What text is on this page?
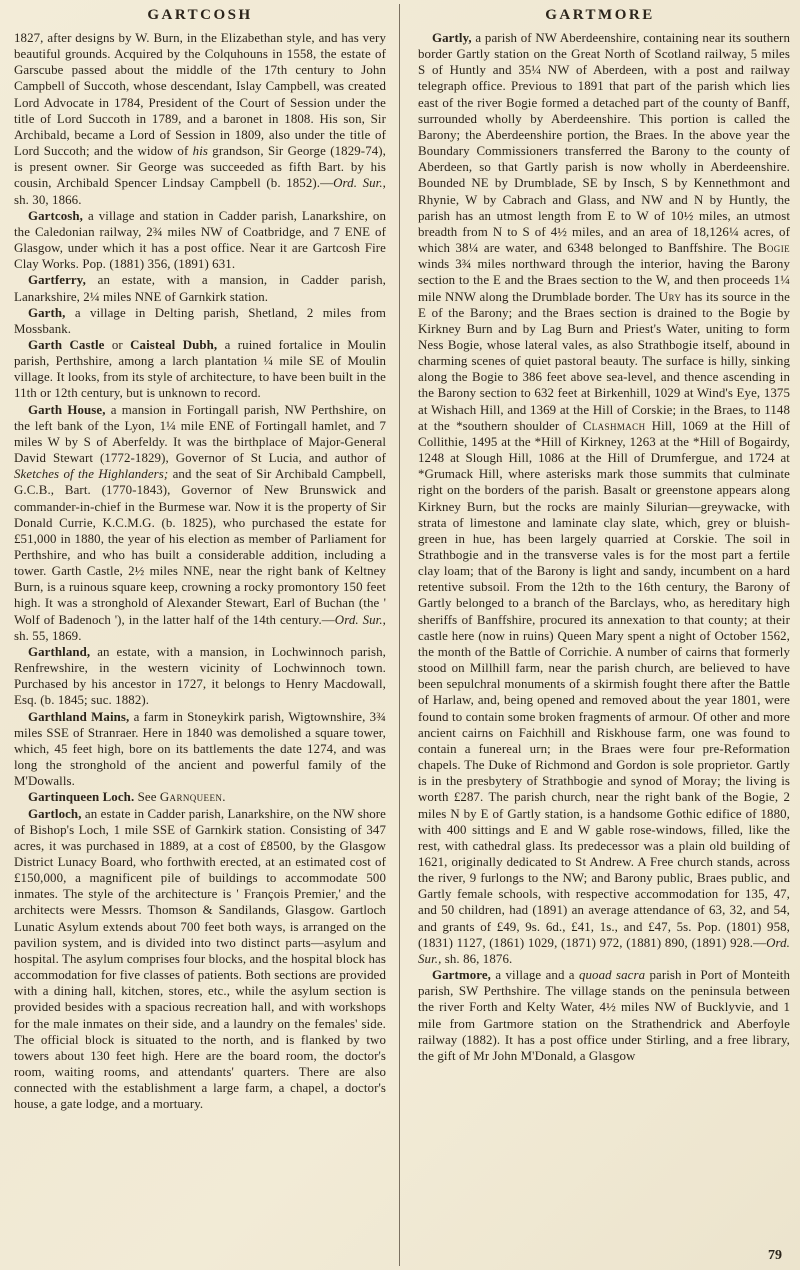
GARTCOSH	GARTMORE

1827, after designs by W. Burn, in the Elizabethan style, and has very beautiful grounds. Acquired by the Colquhouns in 1558, the estate of Garscube passed about the middle of the 17th century to John Campbell of Succoth, whose descendant, Islay Campbell, was created Lord Advocate in 1784, President of the Court of Session under the title of Lord Succoth in 1789, and a baronet in 1808. His son, Sir Archibald, became a Lord of Session in 1809, also under the title of Lord Succoth; and the widow of his grandson, Sir George (1829-74), is present owner. Sir George was succeeded as fifth Bart. by his cousin, Archibald Spencer Lindsay Campbell (b. 1852).—Ord. Sur., sh. 30, 1866.

Gartcosh, a village and station in Cadder parish, Lanarkshire, on the Caledonian railway, 2¾ miles NW of Coatbridge, and 7 ENE of Glasgow, under which it has a post office. Near it are Gartcosh Fire Clay Works. Pop. (1881) 356, (1891) 631.

Gartferry, an estate, with a mansion, in Cadder parish, Lanarkshire, 2¼ miles NNE of Garnkirk station.

Garth, a village in Delting parish, Shetland, 2 miles from Mossbank.

Garth Castle or Caisteal Dubh, a ruined fortalice in Moulin parish, Perthshire, among a larch plantation ¼ mile SE of Moulin village. It looks, from its style of architecture, to have been built in the 11th or 12th century, but is unknown to record.

Garth House, a mansion in Fortingall parish, NW Perthshire, on the left bank of the Lyon, 1¼ mile ENE of Fortingall hamlet, and 7 miles W by S of Aberfeldy. It was the birthplace of Major-General David Stewart (1772-1829), Governor of St Lucia, and author of Sketches of the Highlanders; and the seat of Sir Archibald Campbell, G.C.B., Bart. (1770-1843), Governor of New Brunswick and commander-in-chief in the Burmese war. Now it is the property of Sir Donald Currie, K.C.M.G. (b. 1825), who purchased the estate for £51,000 in 1880, the year of his election as member of Parliament for Perthshire, and who has built a considerable addition, including a tower. Garth Castle, 2½ miles NNE, near the right bank of Keltney Burn, is a ruinous square keep, crowning a rocky promontory 150 feet high. It was a stronghold of Alexander Stewart, Earl of Buchan (the ' Wolf of Badenoch '), in the latter half of the 14th century.—Ord. Sur., sh. 55, 1869.

Garthland, an estate, with a mansion, in Lochwinnoch parish, Renfrewshire, in the western vicinity of Lochwinnoch town. Purchased by his ancestor in 1727, it belongs to Henry Macdowall, Esq. (b. 1845; suc. 1882).

Garthland Mains, a farm in Stoneykirk parish, Wigtownshire, 3¾ miles SSE of Stranraer. Here in 1840 was demolished a square tower, which, 45 feet high, bore on its battlements the date 1274, and was long the stronghold of the ancient and powerful family of the M'Dowalls.

Gartinqueen Loch. See Garnqueen.

Gartloch, an estate in Cadder parish, Lanarkshire, on the NW shore of Bishop's Loch, 1 mile SSE of Garnkirk station. Consisting of 347 acres, it was purchased in 1889, at a cost of £8500, by the Glasgow District Lunacy Board, who forthwith erected, at an estimated cost of £150,000, a magnificent pile of buildings to accommodate 500 inmates. The style of the architecture is ' François Premier,' and the architects were Messrs. Thomson & Sandilands, Glasgow. Gartloch Lunatic Asylum extends about 700 feet both ways, is arranged on the pavilion system, and is divided into two distinct parts—asylum and hospital. The asylum comprises four blocks, and the hospital block has accommodation for five classes of patients. Both sections are provided with a dining hall, kitchen, stores, etc., while the asylum section is provided besides with a spacious recreation hall, and with workshops for the male inmates on their side, and a laundry on the females' side. The official block is situated to the north, and is flanked by two towers about 130 feet high. Here are the board room, the doctor's room, waiting rooms, and attendants' quarters. There are also connected with the establishment a large farm, a chapel, a doctor's house, a gate lodge, and a mortuary.

Gartly, a parish of NW Aberdeenshire, containing near its southern border Gartly station on the Great North of Scotland railway, 5 miles S of Huntly and 35¼ NW of Aberdeen, with a post and railway telegraph office. Previous to 1891 that part of the parish which lies east of the river Bogie formed a detached part of the county of Banff, surrounded wholly by Aberdeenshire. This portion is called the Barony; the Aberdeenshire portion, the Braes. In the above year the Boundary Commissioners transferred the Barony to the county of Aberdeen, so that Gartly parish is now wholly in Aberdeenshire. Bounded NE by Drumblade, SE by Insch, S by Kennethmont and Rhynie, W by Cabrach and Glass, and NW and N by Huntly, the parish has an utmost length from E to W of 10½ miles, an utmost breadth from N to S of 4½ miles, and an area of 18,126¼ acres, of which 38¼ are water, and 6348 belonged to Banffshire. The Bogie winds 3¾ miles northward through the interior, having the Barony section to the E and the Braes section to the W, and then proceeds 1¼ mile NNW along the Drumblade border. The Ury has its source in the E of the Barony; and the Braes section is drained to the Bogie by Kirkney Burn and by Lag Burn and Priest's Water, uniting to form Ness Bogie, whose lateral vales, as also Strathbogie itself, abound in charming scenes of quiet pastoral beauty. The surface is hilly, sinking along the Bogie to 386 feet above sea-level, and thence ascending in the Barony section to 632 feet at Birkenhill, 1029 at Wind's Eye, 1375 at Wishach Hill, and 1369 at the Hill of Corskie; in the Braes, to 1148 at the *southern shoulder of Clashmach Hill, 1069 at the Hill of Collithie, 1495 at the *Hill of Kirkney, 1263 at the *Hill of Bogairdy, 1248 at Slough Hill, 1086 at the Hill of Drumfergue, and 1724 at *Grumack Hill, where asterisks mark those summits that culminate right on the borders of the parish. Basalt or greenstone appears along Kirkney Burn, but the rocks are mainly Silurian—greywacke, with strata of limestone and laminate clay slate, which, grey or bluish-green in hue, has been largely quarried at Corskie. The soil in Strathbogie and in the transverse vales is for the most part a fertile clay loam; that of the Barony is light and sandy, incumbent on a hard retentive subsoil. From the 12th to the 16th century, the Barony of Gartly belonged to a branch of the Barclays, who, as hereditary high sheriffs of Banffshire, procured its annexation to that county; at their castle here (now in ruins) Queen Mary spent a night of October 1562, the month of the Battle of Corrichie. A number of cairns that formerly stood on Millhill farm, near the parish church, are believed to have been sepulchral monuments of a skirmish fought there after the Battle of Harlaw, and, being opened and removed about the year 1801, were found to contain some broken fragments of armour. Of other and more ancient cairns on Faichhill and Riskhouse farm, one was found to contain a funereal urn; in the Braes were four pre-Reformation chapels. The Duke of Richmond and Gordon is sole proprietor. Gartly is in the presbytery of Strathbogie and synod of Moray; the living is worth £287. The parish church, near the right bank of the Bogie, 2 miles N by E of Gartly station, is a handsome Gothic edifice of 1880, with 400 sittings and E and W gable rose-windows, filled, like the rest, with cathedral glass. Its predecessor was a plain old building of 1621, originally dedicated to St Andrew. A Free church stands, across the river, 9 furlongs to the NW; and Barony public, Braes public, and Gartly female schools, with respective accommodation for 135, 47, and 50 children, had (1891) an average attendance of 63, 32, and 54, and grants of £49, 9s. 6d., £41, 1s., and £47, 5s. Pop. (1801) 958, (1831) 1127, (1861) 1029, (1871) 972, (1881) 890, (1891) 928.—Ord. Sur., sh. 86, 1876.

Gartmore, a village and a quoad sacra parish in Port of Monteith parish, SW Perthshire. The village stands on the peninsula between the river Forth and Kelty Water, 4½ miles NW of Bucklyvie, and 1 mile from Gartmore station on the Strathendrick and Aberfoyle railway (1882). It has a post office under Stirling, and a free library, the gift of Mr John M'Donald, a Glasgow

79
